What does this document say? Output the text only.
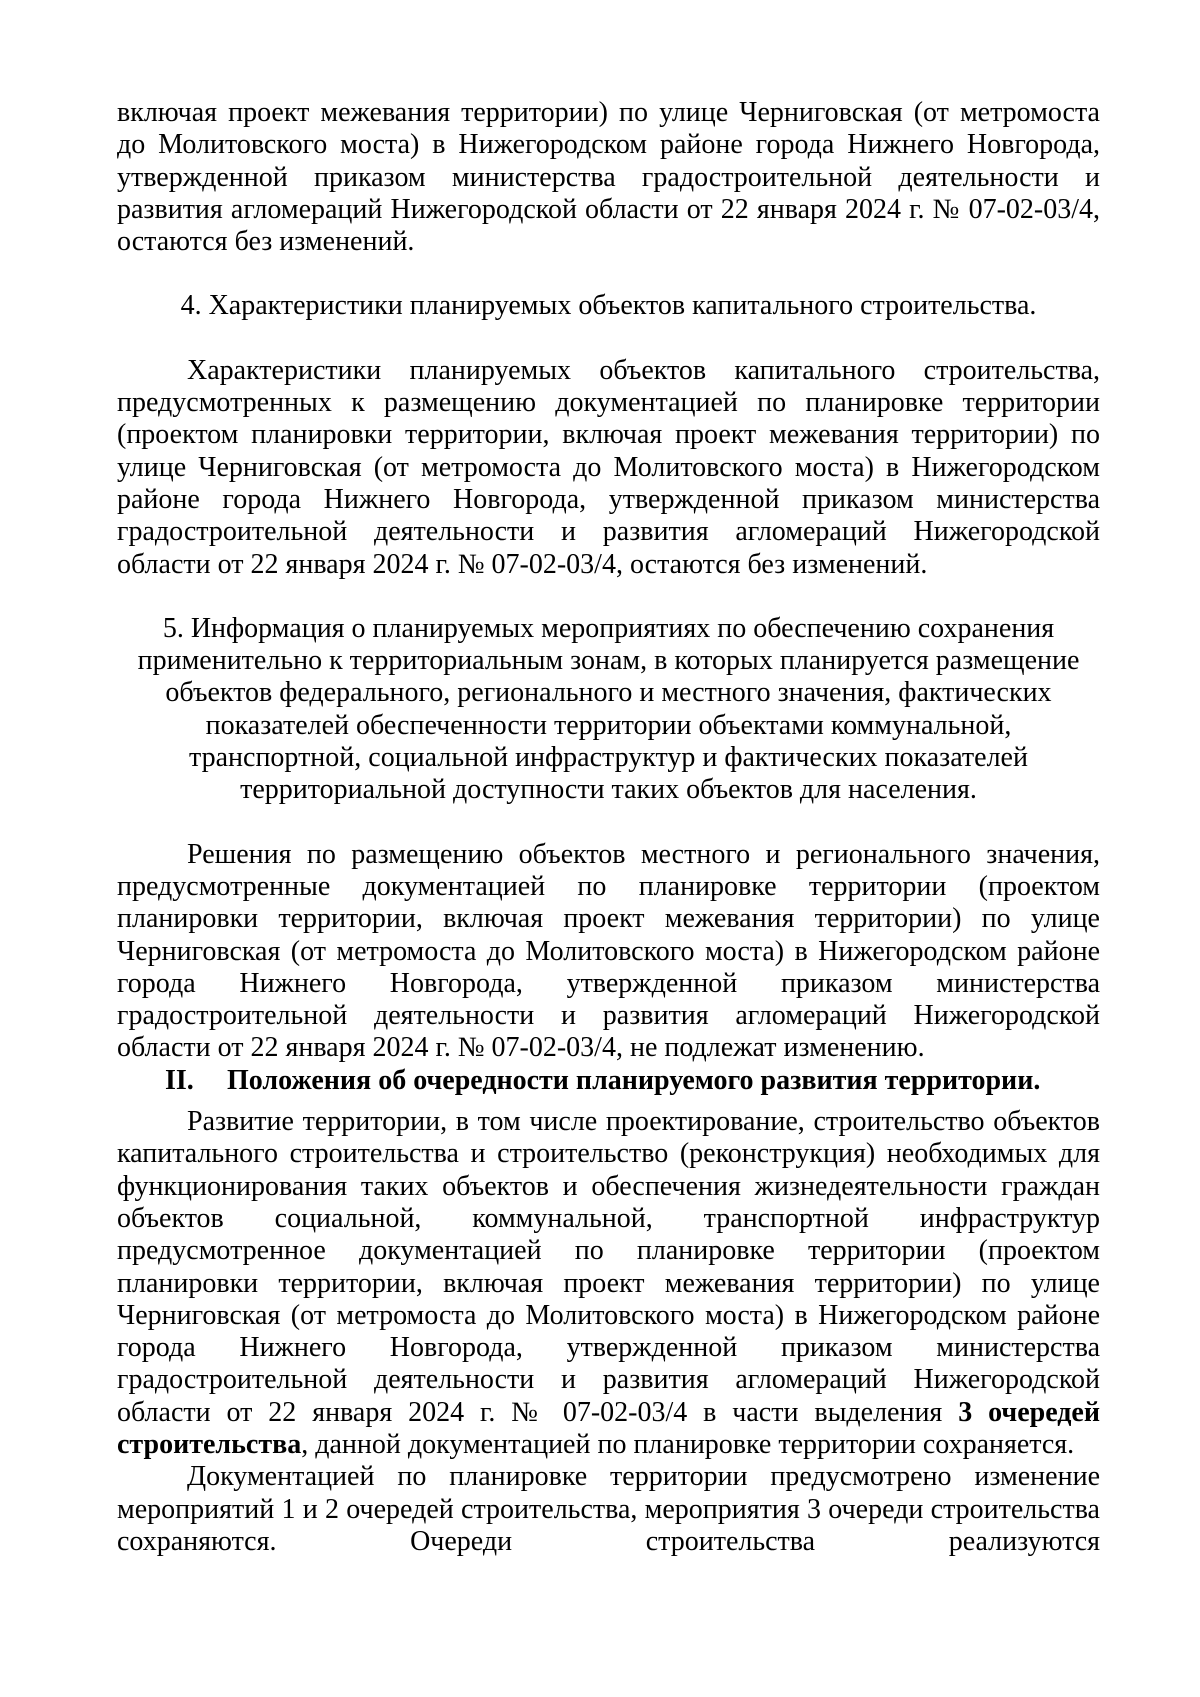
включая проект межевания территории) по улице Черниговская (от метромоста до Молитовского моста) в Нижегородском районе города Нижнего Новгорода, утвержденной приказом министерства градостроительной деятельности и развития агломераций Нижегородской области от 22 января 2024 г. № 07-02-03/4, остаются без изменений.

4. Характеристики планируемых объектов капитального строительства.

Характеристики планируемых объектов капитального строительства, предусмотренных к размещению документацией по планировке территории (проектом планировки территории, включая проект межевания территории) по улице Черниговская (от метромоста до Молитовского моста) в Нижегородском районе города Нижнего Новгорода, утвержденной приказом министерства градостроительной деятельности и развития агломераций Нижегородской области от 22 января 2024 г. № 07-02-03/4, остаются без изменений.

5. Информация о планируемых мероприятиях по обеспечению сохранения применительно к территориальным зонам, в которых планируется размещение объектов федерального, регионального и местного значения, фактических показателей обеспеченности территории объектами коммунальной, транспортной, социальной инфраструктур и фактических показателей территориальной доступности таких объектов для населения.

Решения по размещению объектов местного и регионального значения, предусмотренные документацией по планировке территории (проектом планировки территории, включая проект межевания территории) по улице Черниговская (от метромоста до Молитовского моста) в Нижегородском районе города Нижнего Новгорода, утвержденной приказом министерства градостроительной деятельности и развития агломераций Нижегородской области от 22 января 2024 г. № 07-02-03/4, не подлежат изменению.

II.	Положения об очередности планируемого развития территории.

Развитие территории, в том числе проектирование, строительство объектов капитального строительства и строительство (реконструкция) необходимых для функционирования таких объектов и обеспечения жизнедеятельности граждан объектов социальной, коммунальной, транспортной инфраструктур предусмотренное документацией по планировке территории (проектом планировки территории, включая проект межевания территории) по улице Черниговская (от метромоста до Молитовского моста) в Нижегородском районе города Нижнего Новгорода, утвержденной приказом министерства градостроительной деятельности и развития агломераций Нижегородской области от 22 января 2024 г. № 07-02-03/4 в части выделения 3 очередей строительства, данной документацией по планировке территории сохраняется.

Документацией по планировке территории предусмотрено изменение мероприятий 1 и 2 очередей строительства, мероприятия 3 очереди строительства сохраняются. Очереди строительства реализуются
